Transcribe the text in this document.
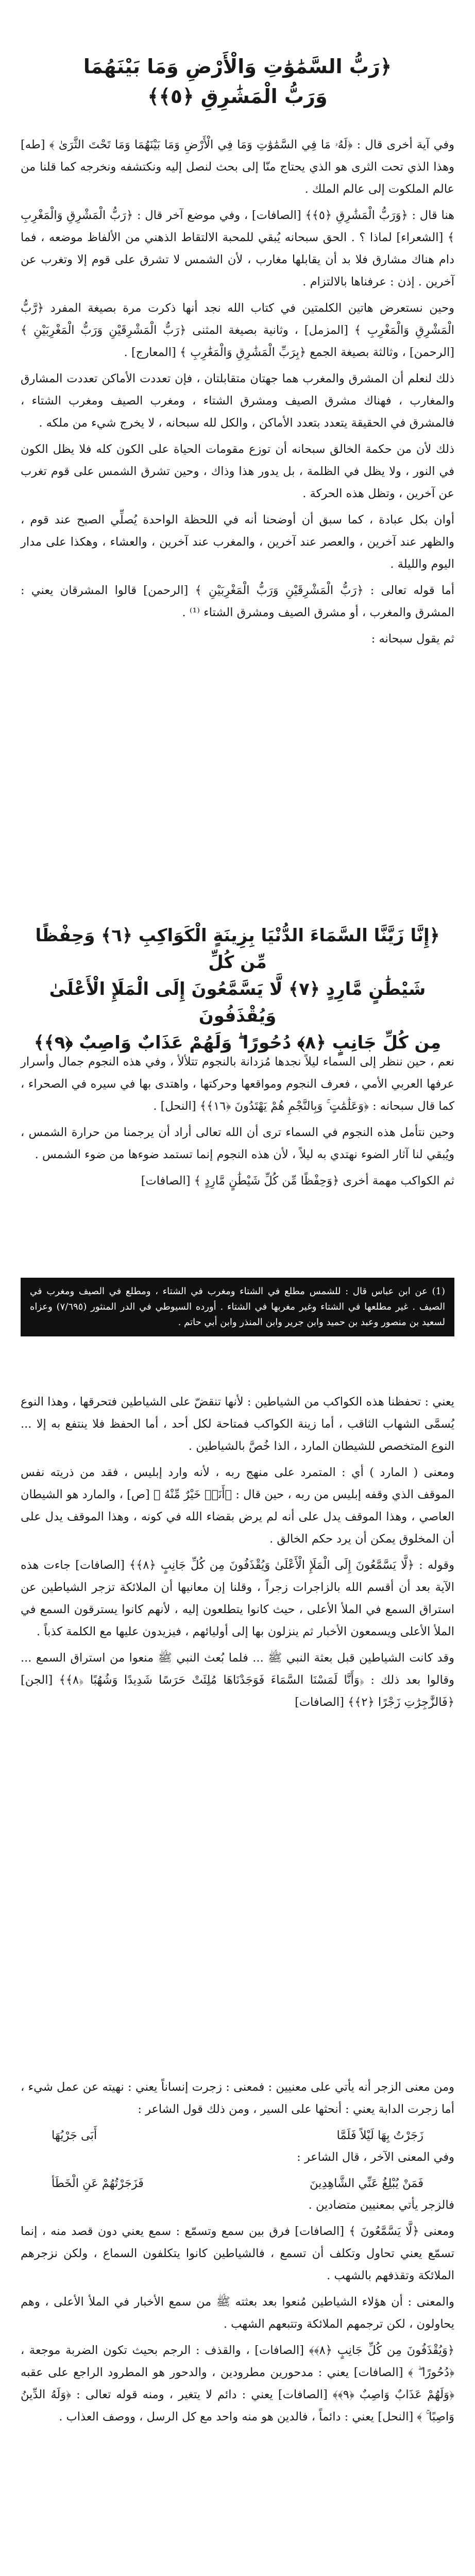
﴿رَبُّ السَّمَٰوَٰتِ وَالْأَرْضِ وَمَا بَيْنَهُمَا
وَرَبُّ الْمَشَٰرِقِ ﴿٥﴾﴾

وفي آية أخرى قال : ﴿لَهُۥ مَا فِي السَّمَٰوَٰتِ وَمَا فِي الْأَرْضِ وَمَا بَيْنَهُمَا وَمَا تَحْتَ الثَّرَىٰ ﴾ [طه] وهذا الذي تحت الثرى هو الذي يحتاج منّا إلى بحث لنصل إليه ونكتشفه ونخرجه كما قلنا من عالم الملكوت إلى عالم الملك .

هنا قال : ﴿وَرَبُّ الْمَشَٰرِقِ ﴿٥﴾﴾ [الصافات] ، وفي موضع آخر قال : ﴿رَبُّ الْمَشْرِقِ وَالْمَغْرِبِ ﴾ [الشعراء] لماذا ؟ . الحق سبحانه يُبقي للمحبة الالتقاط الذهني من الألفاظ موضعه ، فما دام هناك مشارق فلا بد أن يقابلها مغارب ، لأن الشمس لا تشرق على قوم إلا وتغرب عن آخرين . إذن : عرفناها بالالتزام .

وحين نستعرض هاتين الكلمتين في كتاب الله نجد أنها ذكرت مرة بصيغة المفرد ﴿رَّبُّ الْمَشْرِقِ وَالْمَغْرِبِ ﴾ [المزمل] ، وثانية بصيغة المثنى ﴿رَبُّ الْمَشْرِقَيْنِ وَرَبُّ الْمَغْرِبَيْنِ ﴾ [الرحمن] ، وثالثة بصيغة الجمع ﴿بِرَبِّ الْمَشَٰرِقِ وَالْمَغَٰرِبِ ﴾ [المعارج] .

ذلك لنعلم أن المشرق والمغرب هما جهتان متقابلتان ، فإن تعددت الأماكن تعددت المشارق والمغارب ، فهناك مشرق الصيف ومشرق الشتاء ، ومغرب الصيف ومغرب الشتاء ، فالمشرق في الحقيقة يتعدد بتعدد الأماكن ، والكل لله سبحانه ، لا يخرج شيء من ملكه .

ذلك لأن من حكمة الخالق سبحانه أن توزع مقومات الحياة على الكون كله فلا يظل الكون في النور ، ولا يظل في الظلمة ، بل يدور هذا وذاك ، وحين تشرق الشمس على قوم تغرب عن آخرين ، وتظل هذه الحركة .

أوان بكل عبادة ، كما سبق أن أوضحنا أنه في اللحظة الواحدة يُصلِّي الصبح عند قوم ، والظهر عند آخرين ، والعصر عند آخرين ، والمغرب عند آخرين ، والعشاء ، وهكذا على مدار اليوم والليلة .

أما قوله تعالى : ﴿رَبُّ الْمَشْرِقَيْنِ وَرَبُّ الْمَغْرِبَيْنِ ﴾ [الرحمن] قالوا المشرقان يعني : المشرق والمغرب ، أو مشرق الصيف ومشرق الشتاء ⁽¹⁾ .

ثم يقول سبحانه :

﴿إِنَّا زَيَّنَّا السَّمَاءَ الدُّنْيَا بِزِينَةٍ الْكَوَاكِبِ ﴿٦﴾ وَحِفْظًا مِّن كُلِّ
شَيْطَٰنٍ مَّارِدٍ ﴿٧﴾ لَّا يَسَّمَّعُونَ إِلَى الْمَلَإِ الْأَعْلَىٰ وَيُقْذَفُونَ
مِن كُلِّ جَانِبٍ ﴿٨﴾ دُحُورًا ۖ وَلَهُمْ عَذَابٌ وَاصِبٌ ﴿٩﴾﴾

نعم ، حين ننظر إلى السماء ليلاً نجدها مُزدانة بالنجوم تتلألأ ، وفي هذه النجوم جمال وأسرار عرفها العربي الأمي ، فعرف النجوم ومواقعها وحركتها ، واهتدى بها في سيره في الصحراء ، كما قال سبحانه : ﴿وَعَلَٰمَٰتٍ ۚ وَبِالنَّجْمِ هُمْ يَهْتَدُونَ ﴿١٦﴾﴾ [النحل] .

وحين نتأمل هذه النجوم في السماء ترى أن الله تعالى أراد أن يرجمنا من حرارة الشمس ، ويُبقي لنا آثار الضوء نهتدي به ليلاً ، لأن هذه النجوم إنما تستمد ضوءها من ضوء الشمس .

ثم الكواكب مهمة أخرى ﴿وَحِفْظًا مِّن كُلِّ شَيْطَٰنٍ مَّارِدٍ ﴾ [الصافات]

(1) عن ابن عباس قال : للشمس مطلع في الشتاء ومغرب في الشتاء ، ومطلع في الصيف ومغرب في الصيف . غير مطلعها في الشتاء وغير مغربها في الشتاء . أورده السيوطي في الدر المنثور (٧/٦٩٥) وعزاه لسعيد بن منصور وعبد بن حميد وابن جرير وابن المنذر وابن أبي حاتم .

يعني : تحفظنا هذه الكواكب من الشياطين : لأنها تنقضّ على الشياطين فتحرقها ، وهذا النوع يُسمَّى الشهاب الثاقب ، أما زينة الكواكب فمتاحة لكل أحد ، أما الحفظ فلا ينتفع به إلا ... النوع المتخصص للشيطان المارد ، الذا خُصَّ بالشياطين .

ومعنى ( المارد ) أي : المتمرد على منهج ربه ، لأنه وارد إبليس ، فقد من ذريته نفس الموقف الذي وقفه إبليس من ربه ، حين قال : ﴿أَنَا۠ خَيْرٌ مِّنْهُ ﴾ [ص] ، والمارد هو الشيطان العاصي ، وهذا الموقف يدل على أنه لم يرض بقضاء الله في كونه ، وهذا الموقف يدل على أن المخلوق يمكن أن يرد حكم الخالق .

وقوله : ﴿لَّا يَسَّمَّعُونَ إِلَى الْمَلَإِ الْأَعْلَىٰ وَيُقْذَفُونَ مِن كُلِّ جَانِبٍ ﴿٨﴾﴾ [الصافات] جاءت هذه الآية بعد أن أقسم الله بالزاجرات زجراً ، وقلنا إن معانيها أن الملائكة تزجر الشياطين عن استراق السمع في الملأ الأعلى ، حيث كانوا يتطلعون إليه ، لأنهم كانوا يسترقون السمع في الملأ الأعلى ويسمعون الأخبار ثم ينزلون بها إلى أوليائهم ، فيزيدون عليها مع الكلمة كذباً .

وقد كانت الشياطين قبل بعثة النبي ﷺ ... فلما بُعث النبي ﷺ منعوا من استراق السمع ... وقالوا بعد ذلك : ﴿وَأَنَّا لَمَسْنَا السَّمَاءَ فَوَجَدْنَاهَا مُلِئَتْ حَرَسًا شَدِيدًا وَشُهُبًا ﴿٨﴾﴾ [الجن] ﴿فَالزَّٰجِرَٰتِ زَجْرًا ﴿٢﴾﴾ [الصافات]

ومن معنى الزجر أنه يأتي على معنيين : فمعنى : زجرت إنساناً يعني : نهيته عن عمل شيء ، أما زجرت الدابة يعني : أنحثها على السير ، ومن ذلك قول الشاعر :

زَجَرْتُ بِهَا لَيْلاً فَلَمَّا
أَبَى جَرْيُهَا

وفي المعنى الآخر ، قال الشاعر :

فَمَنْ يُبْلِغُ عَنِّي الشَّاهِدِينَ
فَزَجَرْتُهُمْ عَنِ الْخَطَأ

فالزجر يأتي بمعنيين متضادين .

ومعنى ﴿لَّا يَسَّمَّعُونَ ﴾ [الصافات] فرق بين سمع وتسمّع : سمع يعني دون قصد منه ، إنما تسمّع يعني تحاول وتكلف أن تسمع ، فالشياطين كانوا يتكلفون السماع ، ولكن نزجرهم الملائكة وتقذفهم بالشهب .

والمعنى : أن هؤلاء الشياطين مُنعوا بعد بعثته ﷺ من سمع الأخبار في الملأ الأعلى ، وهم يحاولون ، لكن ترجمهم الملائكة وتتبعهم الشهب .

﴿وَيُقْذَفُونَ مِن كُلِّ جَانِبٍ ﴿٨﴾﴾ [الصافات] ، والقذف : الرجم بحيث تكون الضربة موجعة ، ﴿دُحُورًا ۖ ﴾ [الصافات] يعني : مدحورين مطرودين ، والدحور هو المطرود الراجع على عقبه ﴿وَلَهُمْ عَذَابٌ وَاصِبٌ ﴿٩﴾﴾ [الصافات] يعني : دائم لا يتغير ، ومنه قوله تعالى : ﴿وَلَهُ الدِّينُ وَاصِبًا ۚ ﴾ [النحل] يعني : دائماً ، فالدين هو منه واحد مع كل الرسل ، ووصف العذاب .
